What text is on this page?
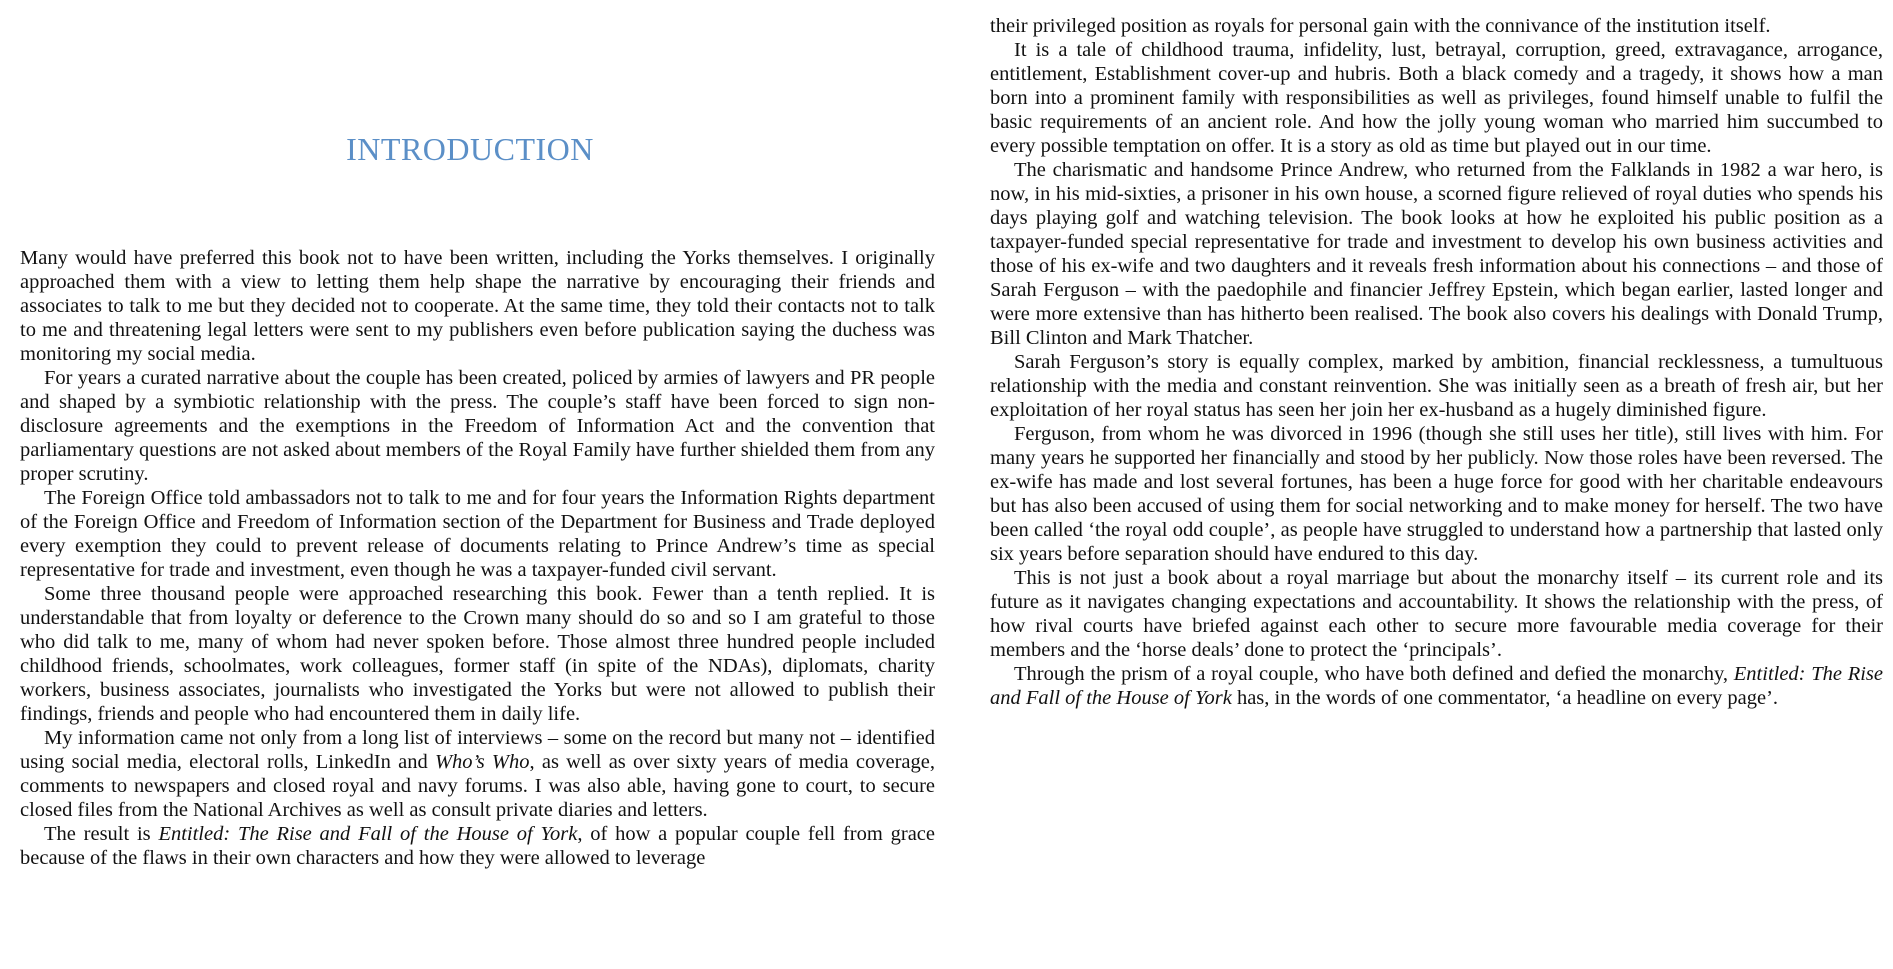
INTRODUCTION

Many would have preferred this book not to have been written, including the Yorks themselves. I originally approached them with a view to letting them help shape the narrative by encouraging their friends and associates to talk to me but they decided not to cooperate. At the same time, they told their contacts not to talk to me and threatening legal letters were sent to my publishers even before publication saying the duchess was monitoring my social media.

For years a curated narrative about the couple has been created, policed by armies of lawyers and PR people and shaped by a symbiotic relationship with the press. The couple’s staff have been forced to sign non-disclosure agreements and the exemptions in the Freedom of Information Act and the convention that parliamentary questions are not asked about members of the Royal Family have further shielded them from any proper scrutiny.

The Foreign Office told ambassadors not to talk to me and for four years the Information Rights department of the Foreign Office and Freedom of Information section of the Department for Business and Trade deployed every exemption they could to prevent release of documents relating to Prince Andrew’s time as special representative for trade and investment, even though he was a taxpayer-funded civil servant.

Some three thousand people were approached researching this book. Fewer than a tenth replied. It is understandable that from loyalty or deference to the Crown many should do so and so I am grateful to those who did talk to me, many of whom had never spoken before. Those almost three hundred people included childhood friends, schoolmates, work colleagues, former staff (in spite of the NDAs), diplomats, charity workers, business associates, journalists who investigated the Yorks but were not allowed to publish their findings, friends and people who had encountered them in daily life.

My information came not only from a long list of interviews – some on the record but many not – identified using social media, electoral rolls, LinkedIn and Who’s Who, as well as over sixty years of media coverage, comments to newspapers and closed royal and navy forums. I was also able, having gone to court, to secure closed files from the National Archives as well as consult private diaries and letters.

The result is Entitled: The Rise and Fall of the House of York, of how a popular couple fell from grace because of the flaws in their own characters and how they were allowed to leverage

their privileged position as royals for personal gain with the connivance of the institution itself.

It is a tale of childhood trauma, infidelity, lust, betrayal, corruption, greed, extravagance, arrogance, entitlement, Establishment cover-up and hubris. Both a black comedy and a tragedy, it shows how a man born into a prominent family with responsibilities as well as privileges, found himself unable to fulfil the basic requirements of an ancient role. And how the jolly young woman who married him succumbed to every possible temptation on offer. It is a story as old as time but played out in our time.

The charismatic and handsome Prince Andrew, who returned from the Falklands in 1982 a war hero, is now, in his mid-sixties, a prisoner in his own house, a scorned figure relieved of royal duties who spends his days playing golf and watching television. The book looks at how he exploited his public position as a taxpayer-funded special representative for trade and investment to develop his own business activities and those of his ex-wife and two daughters and it reveals fresh information about his connections – and those of Sarah Ferguson – with the paedophile and financier Jeffrey Epstein, which began earlier, lasted longer and were more extensive than has hitherto been realised. The book also covers his dealings with Donald Trump, Bill Clinton and Mark Thatcher.

Sarah Ferguson’s story is equally complex, marked by ambition, financial recklessness, a tumultuous relationship with the media and constant reinvention. She was initially seen as a breath of fresh air, but her exploitation of her royal status has seen her join her ex-husband as a hugely diminished figure.

Ferguson, from whom he was divorced in 1996 (though she still uses her title), still lives with him. For many years he supported her financially and stood by her publicly. Now those roles have been reversed. The ex-wife has made and lost several fortunes, has been a huge force for good with her charitable endeavours but has also been accused of using them for social networking and to make money for herself. The two have been called ‘the royal odd couple’, as people have struggled to understand how a partnership that lasted only six years before separation should have endured to this day.

This is not just a book about a royal marriage but about the monarchy itself – its current role and its future as it navigates changing expectations and accountability. It shows the relationship with the press, of how rival courts have briefed against each other to secure more favourable media coverage for their members and the ‘horse deals’ done to protect the ‘principals’.

Through the prism of a royal couple, who have both defined and defied the monarchy, Entitled: The Rise and Fall of the House of York has, in the words of one commentator, ‘a headline on every page’.
